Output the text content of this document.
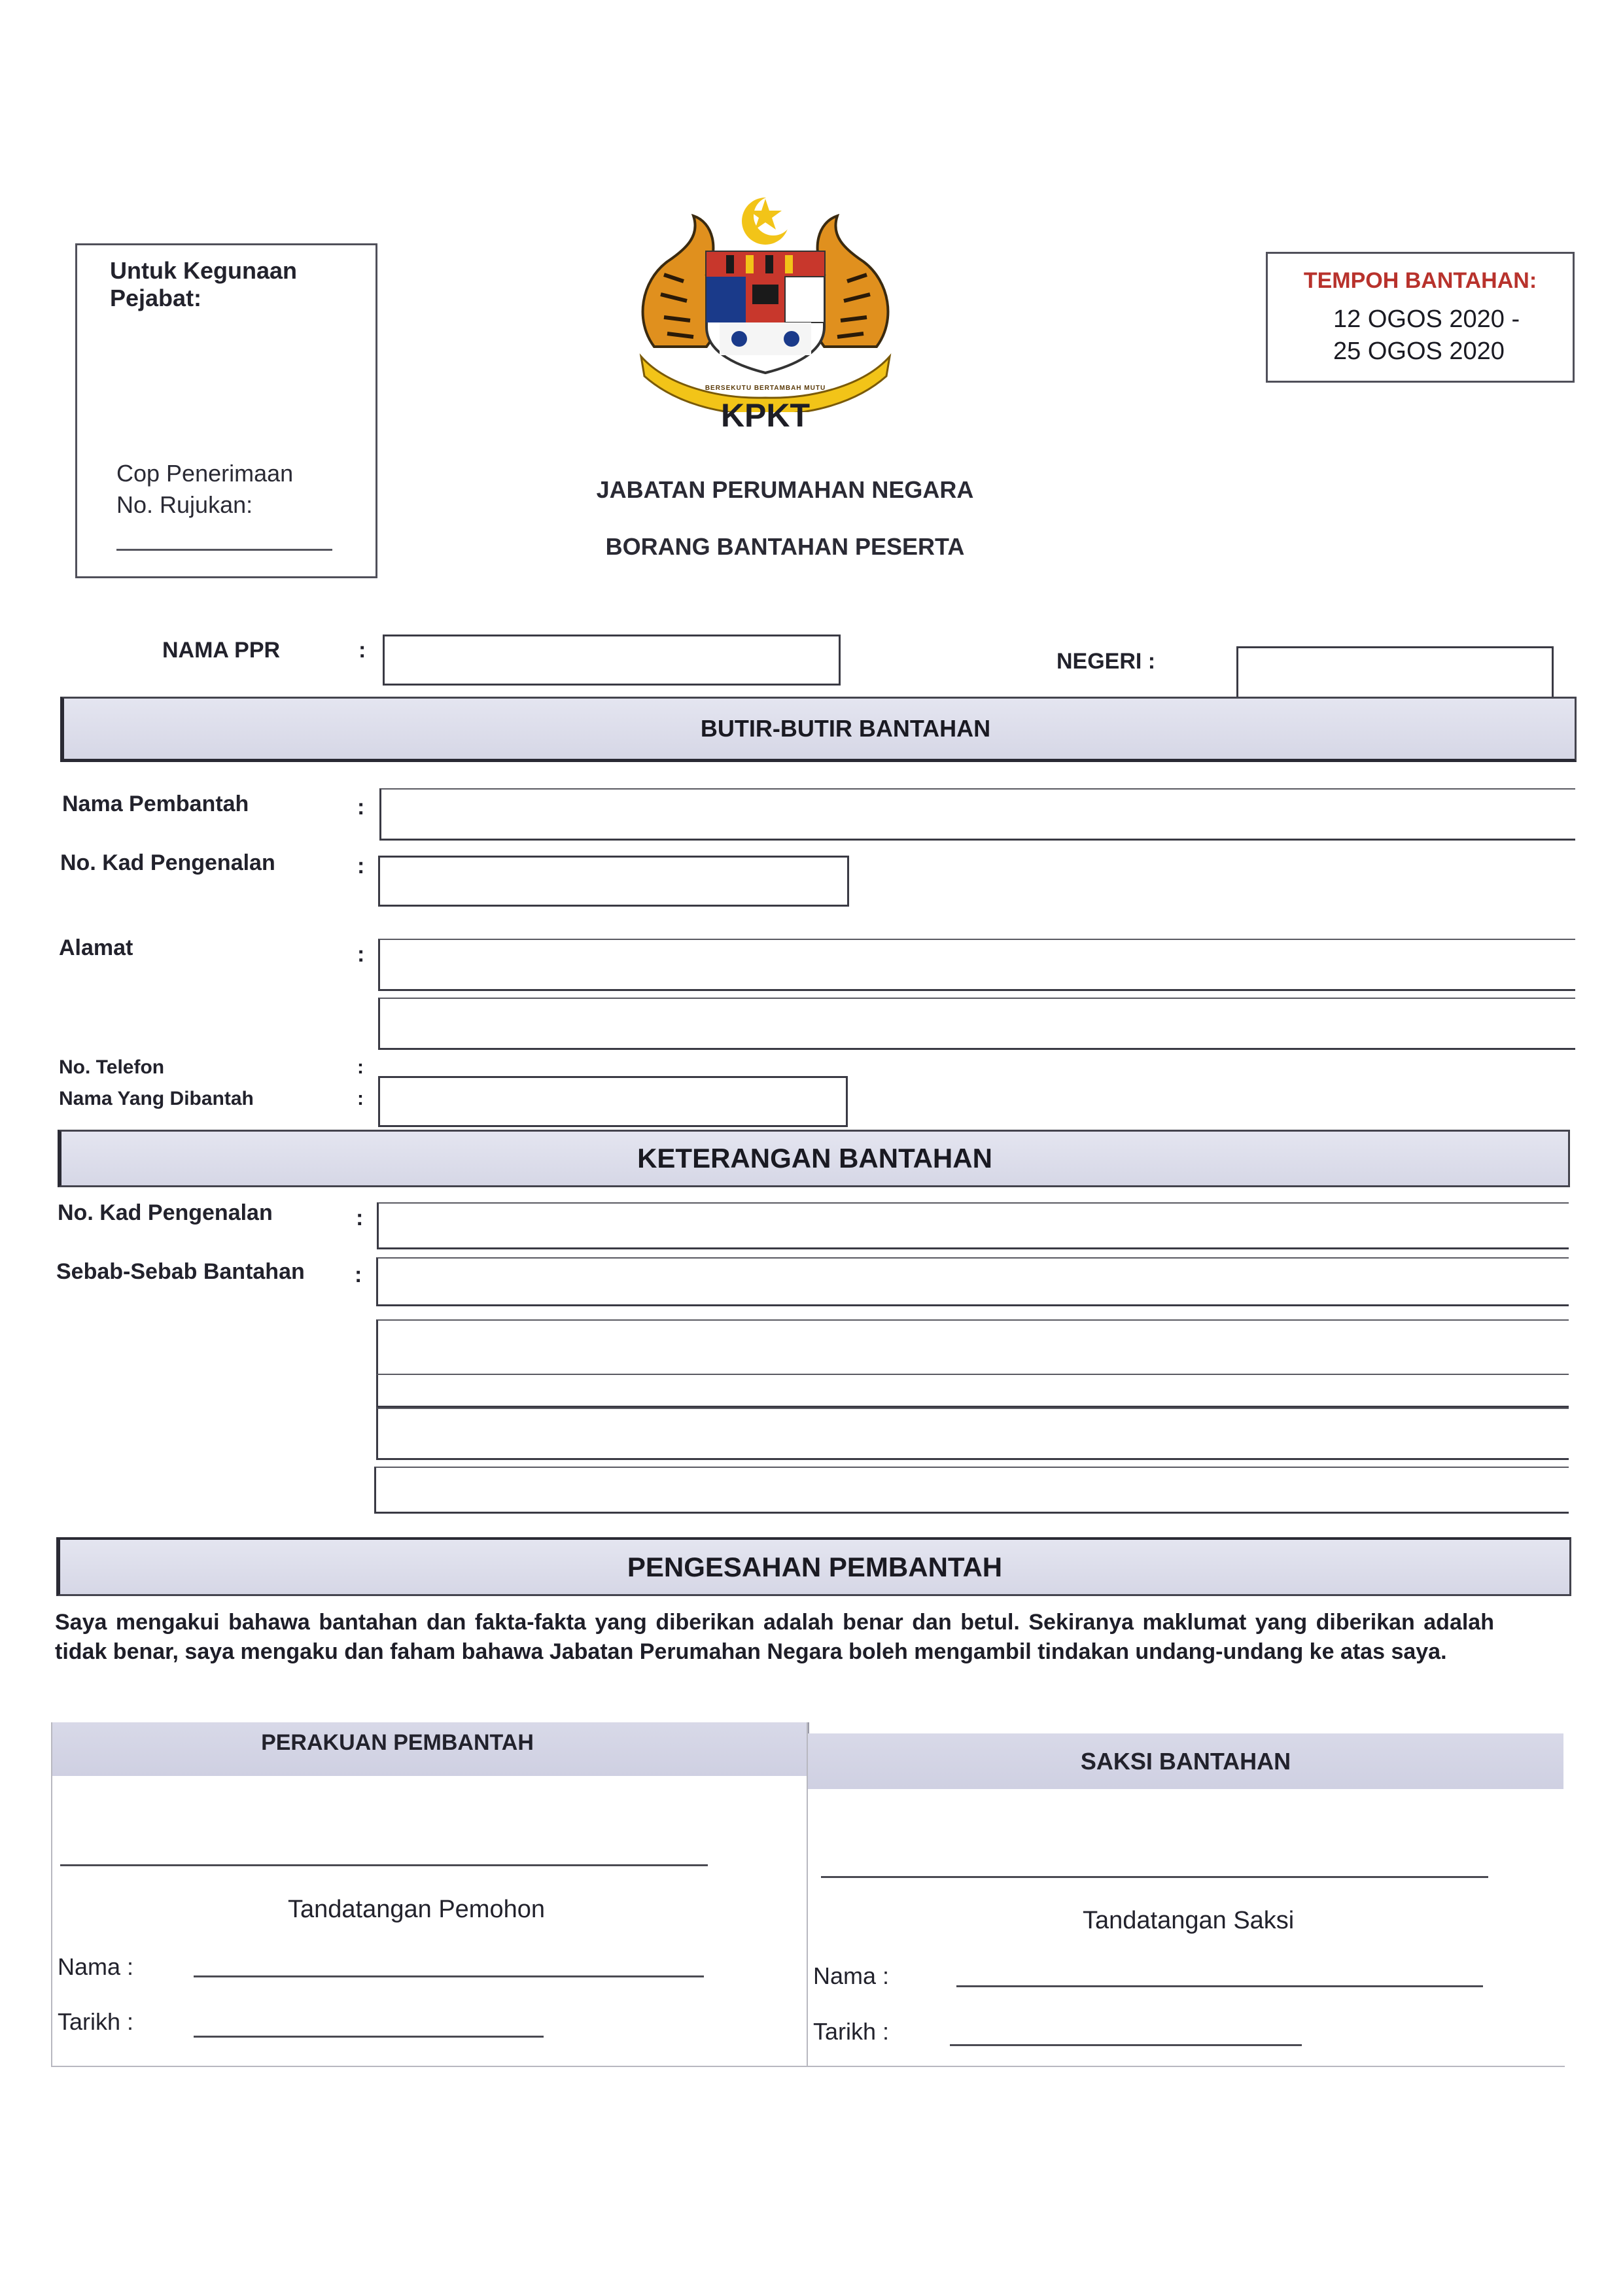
Untuk Kegunaan Pejabat:
Cop Penerimaan
No. Rujukan:
BERSEKUTU BERTAMBAH MUTU
KPKT
TEMPOH BANTAHAN:
12 OGOS 2020 -
25 OGOS 2020
JABATAN PERUMAHAN NEGARA
BORANG BANTAHAN PESERTA
NAMA PPR	:	NEGERI :
BUTIR-BUTIR BANTAHAN
Nama Pembantah	:
No. Kad Pengenalan	:
Alamat	:
No. Telefon	:
Nama Yang Dibantah	:
KETERANGAN BANTAHAN
No. Kad Pengenalan	:
Sebab-Sebab Bantahan :
PENGESAHAN PEMBANTAH
Saya mengakui bahawa bantahan dan fakta-fakta yang diberikan adalah benar dan betul. Sekiranya maklumat yang diberikan adalah tidak benar, saya mengaku dan faham bahawa Jabatan Perumahan Negara boleh mengambil tindakan undang-undang ke atas saya.
PERAKUAN PEMBANTAH
SAKSI BANTAHAN
Tandatangan Pemohon
Nama :
Tarikh :
Tandatangan Saksi
Nama :
Tarikh :
